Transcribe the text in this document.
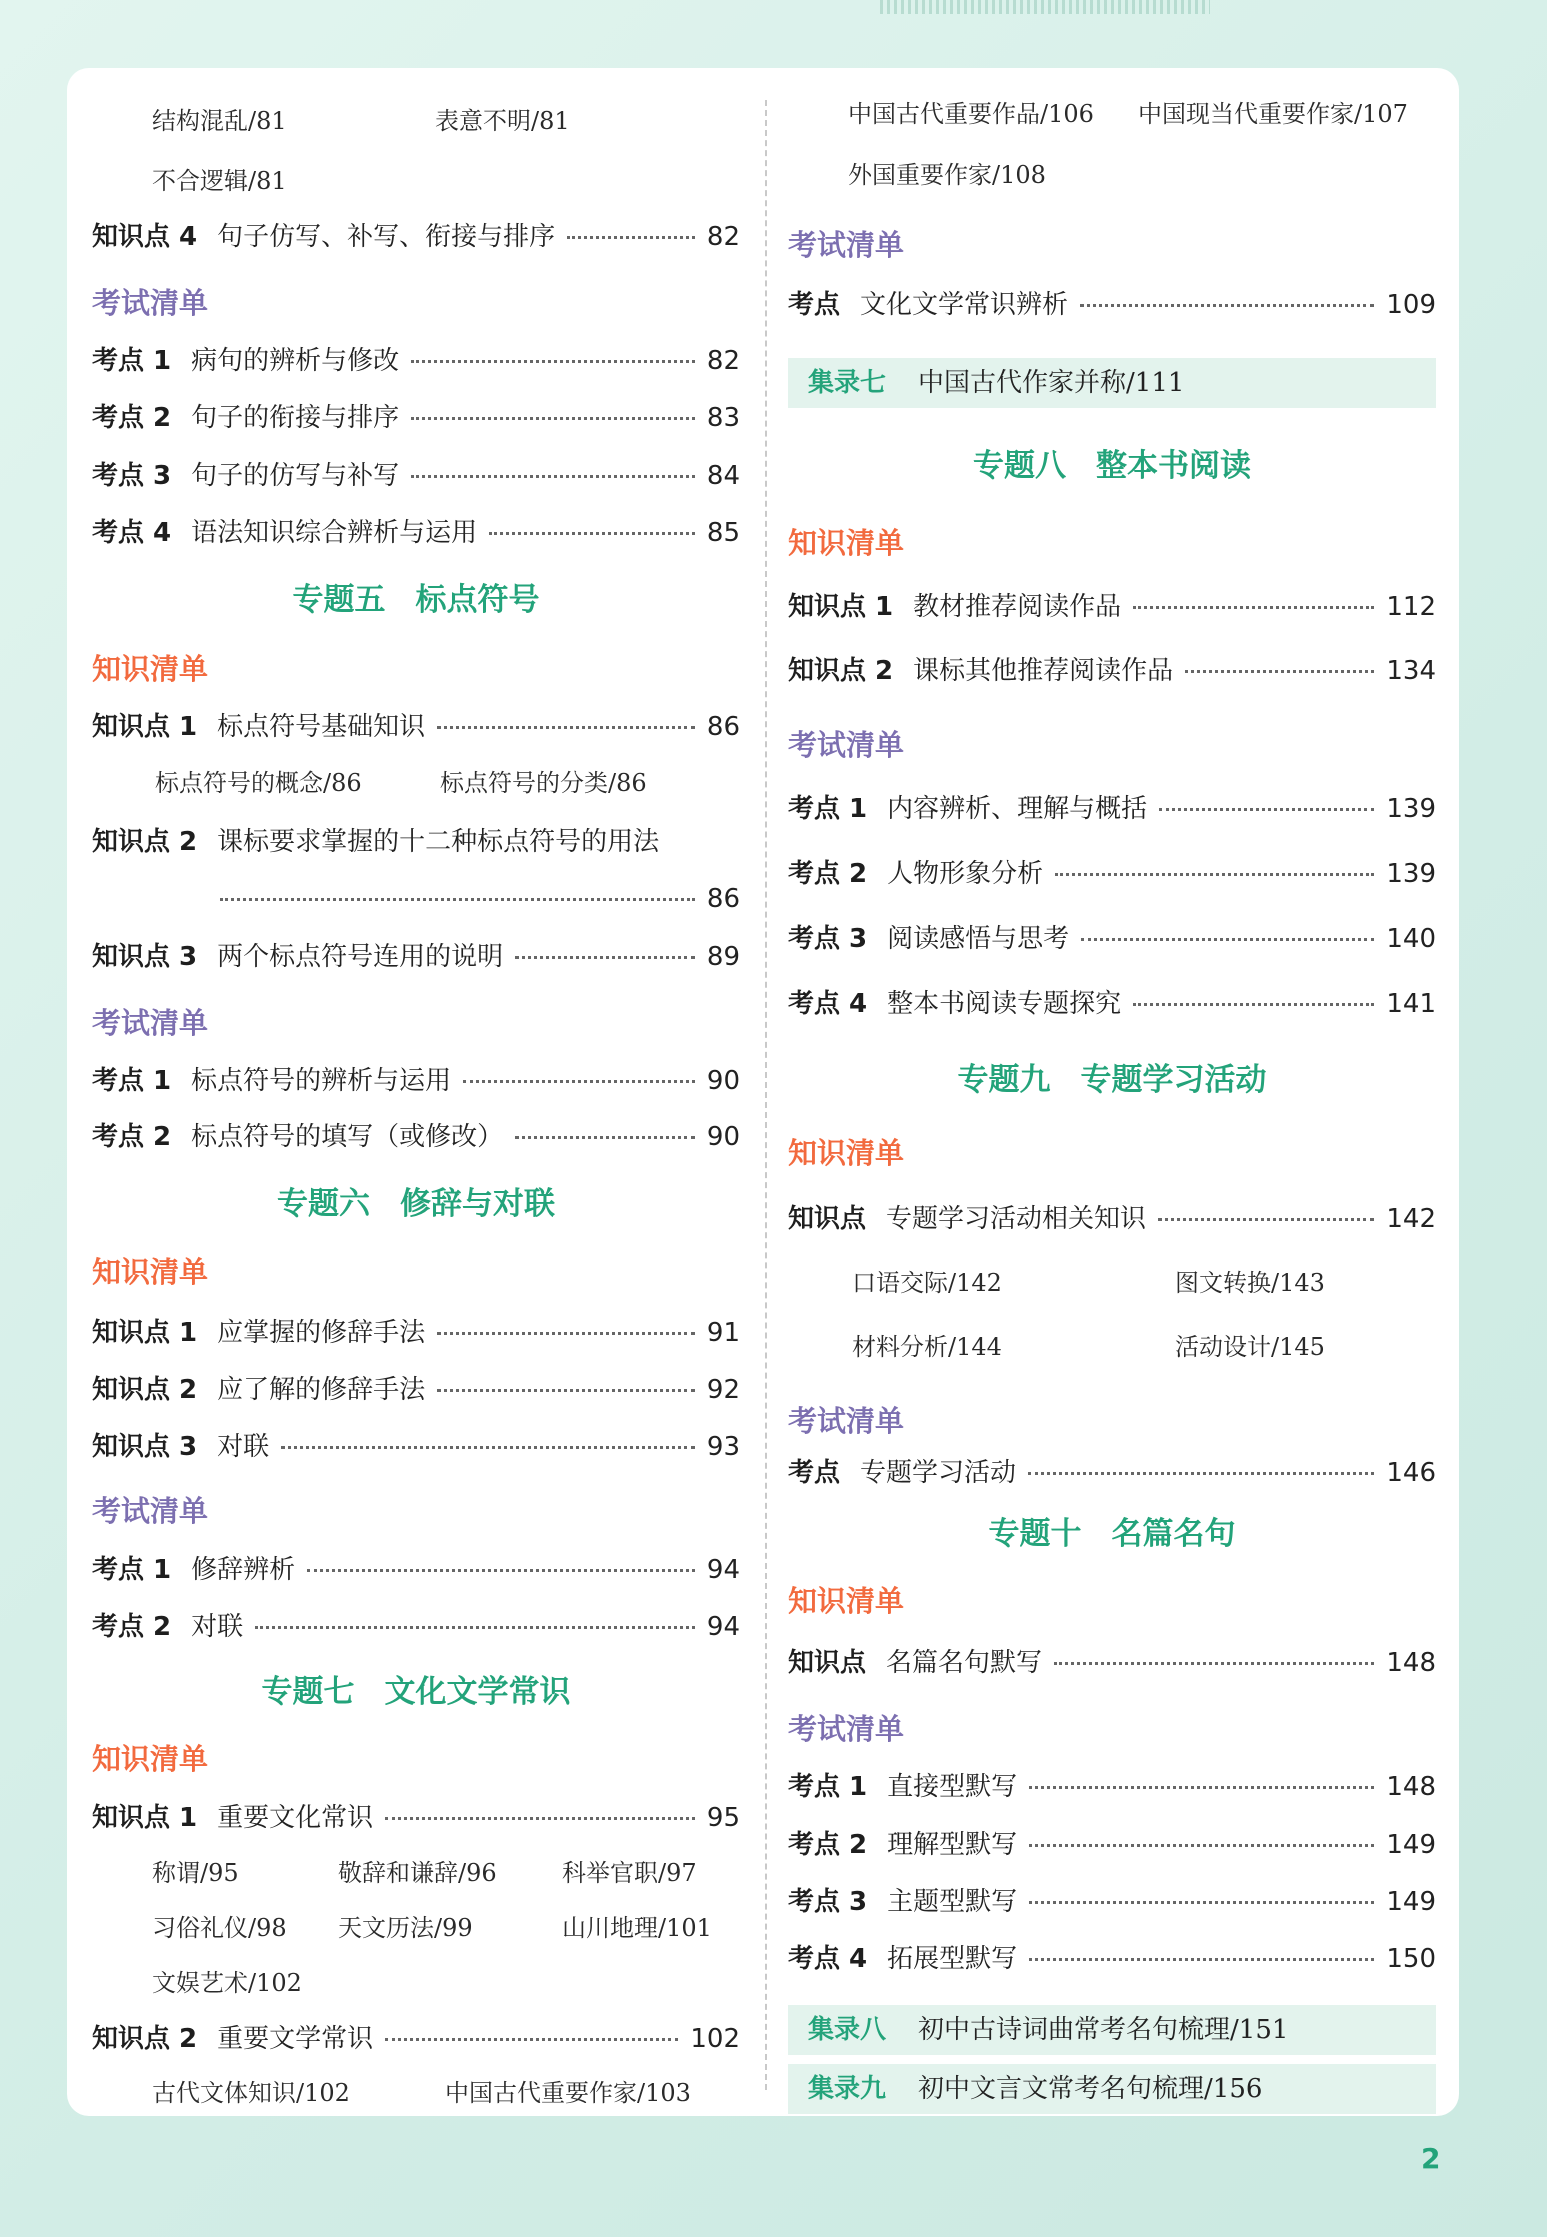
结构混乱/81	表意不明/81
不合逻辑/81
知识点 4 句子仿写、补写、衔接与排序	82
考试清单
考点 1 病句的辨析与修改	82
考点 2 句子的衔接与排序	83
考点 3 句子的仿写与补写	84
考点 4 语法知识综合辨析与运用	85
专题五 标点符号
知识清单
知识点 1 标点符号基础知识	86
标点符号的概念/86	标点符号的分类/86
知识点 2 课标要求掌握的十二种标点符号的用法
86
知识点 3 两个标点符号连用的说明	89
考试清单
考点 1 标点符号的辨析与运用	90
考点 2 标点符号的填写（或修改）	90
专题六 修辞与对联
知识清单
知识点 1 应掌握的修辞手法	91
知识点 2 应了解的修辞手法	92
知识点 3 对联	93
考试清单
考点 1 修辞辨析	94
考点 2 对联	94
专题七 文化文学常识
知识清单
知识点 1 重要文化常识	95
称谓/95	敬辞和谦辞/96	科举官职/97
习俗礼仪/98 天文历法/99	山川地理/101
文娱艺术/102
知识点 2 重要文学常识	102
古代文体知识/102	中国古代重要作家/103
中国古代重要作品/106 中国现当代重要作家/107
外国重要作家/108
考试清单
考点 文化文学常识辨析	109
集录七 中国古代作家并称/111
专题八 整本书阅读
知识清单
知识点 1 教材推荐阅读作品	112
知识点 2 课标其他推荐阅读作品	134
考试清单
考点 1 内容辨析、理解与概括	139
考点 2 人物形象分析	139
考点 3 阅读感悟与思考	140
考点 4 整本书阅读专题探究	141
专题九 专题学习活动
知识清单
知识点 专题学习活动相关知识	142
口语交际/142	图文转换/143
材料分析/144	活动设计/145
考试清单
考点 专题学习活动	146
专题十 名篇名句
知识清单
知识点 名篇名句默写	148
考试清单
考点 1 直接型默写	148
考点 2 理解型默写	149
考点 3 主题型默写	149
考点 4 拓展型默写	150
集录八 初中古诗词曲常考名句梳理/151
集录九 初中文言文常考名句梳理/156
2
